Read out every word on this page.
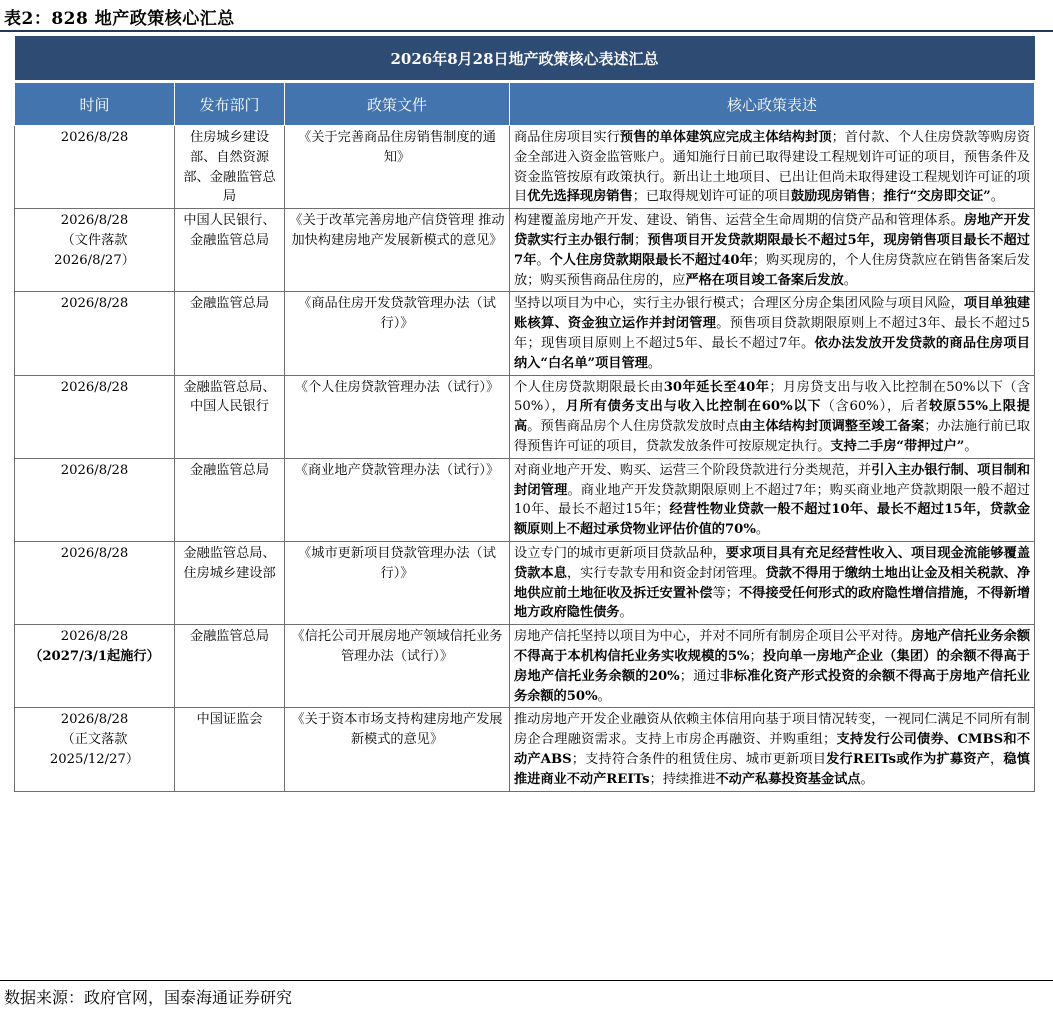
表2：828 地产政策核心汇总
2026年8月28日地产政策核心表述汇总			
时间	发布部门	政策文件	核心政策表述

2026/8/28	住房城乡建设部、自然资源部、金融监管总局	《关于完善商品住房销售制度的通知》	商品住房项目实行预售的单体建筑应完成主体结构封顶；首付款、个人住房贷款等购房资金全部进入资金监管账户。通知施行日前已取得建设工程规划许可证的项目，预售条件及资金监管按原有政策执行。新出让土地项目、已出让但尚未取得建设工程规划许可证的项目优先选择现房销售；已取得规划许可证的项目鼓励现房销售；推行“交房即交证”。

2026/8/28
（文件落款
2026/8/27）	中国人民银行、金融监管总局	《关于改革完善房地产信贷管理 推动加快构建房地产发展新模式的意见》	构建覆盖房地产开发、建设、销售、运营全生命周期的信贷产品和管理体系。房地产开发贷款实行主办银行制；预售项目开发贷款期限最长不超过5年，现房销售项目最长不超过7年。个人住房贷款期限最长不超过40年；购买现房的，个人住房贷款应在销售备案后发放；购买预售商品住房的，应严格在项目竣工备案后发放。

2026/8/28	金融监管总局	《商品住房开发贷款管理办法（试行）》	坚持以项目为中心，实行主办银行模式；合理区分房企集团风险与项目风险，项目单独建账核算、资金独立运作并封闭管理。预售项目贷款期限原则上不超过3年、最长不超过5年；现售项目原则上不超过5年、最长不超过7年。依办法发放开发贷款的商品住房项目纳入“白名单”项目管理。

2026/8/28	金融监管总局、中国人民银行	《个人住房贷款管理办法（试行）》	个人住房贷款期限最长由30年延长至40年；月房贷支出与收入比控制在50%以下（含50%），月所有债务支出与收入比控制在60%以下（含60%），后者较原55%上限提高。预售商品房个人住房贷款发放时点由主体结构封顶调整至竣工备案；办法施行前已取得预售许可证的项目，贷款发放条件可按原规定执行。支持二手房“带押过户”。

2026/8/28	金融监管总局	《商业地产贷款管理办法（试行）》	对商业地产开发、购买、运营三个阶段贷款进行分类规范，并引入主办银行制、项目制和封闭管理。商业地产开发贷款期限原则上不超过7年；购买商业地产贷款期限一般不超过10年、最长不超过15年；经营性物业贷款一般不超过10年、最长不超过15年，贷款金额原则上不超过承贷物业评估价值的70%。

2026/8/28	金融监管总局、住房城乡建设部	《城市更新项目贷款管理办法（试行）》	设立专门的城市更新项目贷款品种，要求项目具有充足经营性收入、项目现金流能够覆盖贷款本息，实行专款专用和资金封闭管理。贷款不得用于缴纳土地出让金及相关税款、净地供应前土地征收及拆迁安置补偿等；不得接受任何形式的政府隐性增信措施，不得新增地方政府隐性债务。

2026/8/28
（2027/3/1起施行）	金融监管总局	《信托公司开展房地产领域信托业务管理办法（试行）》	房地产信托坚持以项目为中心，并对不同所有制房企项目公平对待。房地产信托业务余额不得高于本机构信托业务实收规模的5%；投向单一房地产企业（集团）的余额不得高于房地产信托业务余额的20%；通过非标准化资产形式投资的余额不得高于房地产信托业务余额的50%。

2026/8/28
（正文落款
2025/12/27）	中国证监会	《关于资本市场支持构建房地产发展新模式的意见》	推动房地产开发企业融资从依赖主体信用向基于项目情况转变，一视同仁满足不同所有制房企合理融资需求。支持上市房企再融资、并购重组；支持发行公司债券、CMBS和不动产ABS；支持符合条件的租赁住房、城市更新项目发行REITs或作为扩募资产，稳慎推进商业不动产REITs；持续推进不动产私募投资基金试点。
数据来源：政府官网，国泰海通证券研究
